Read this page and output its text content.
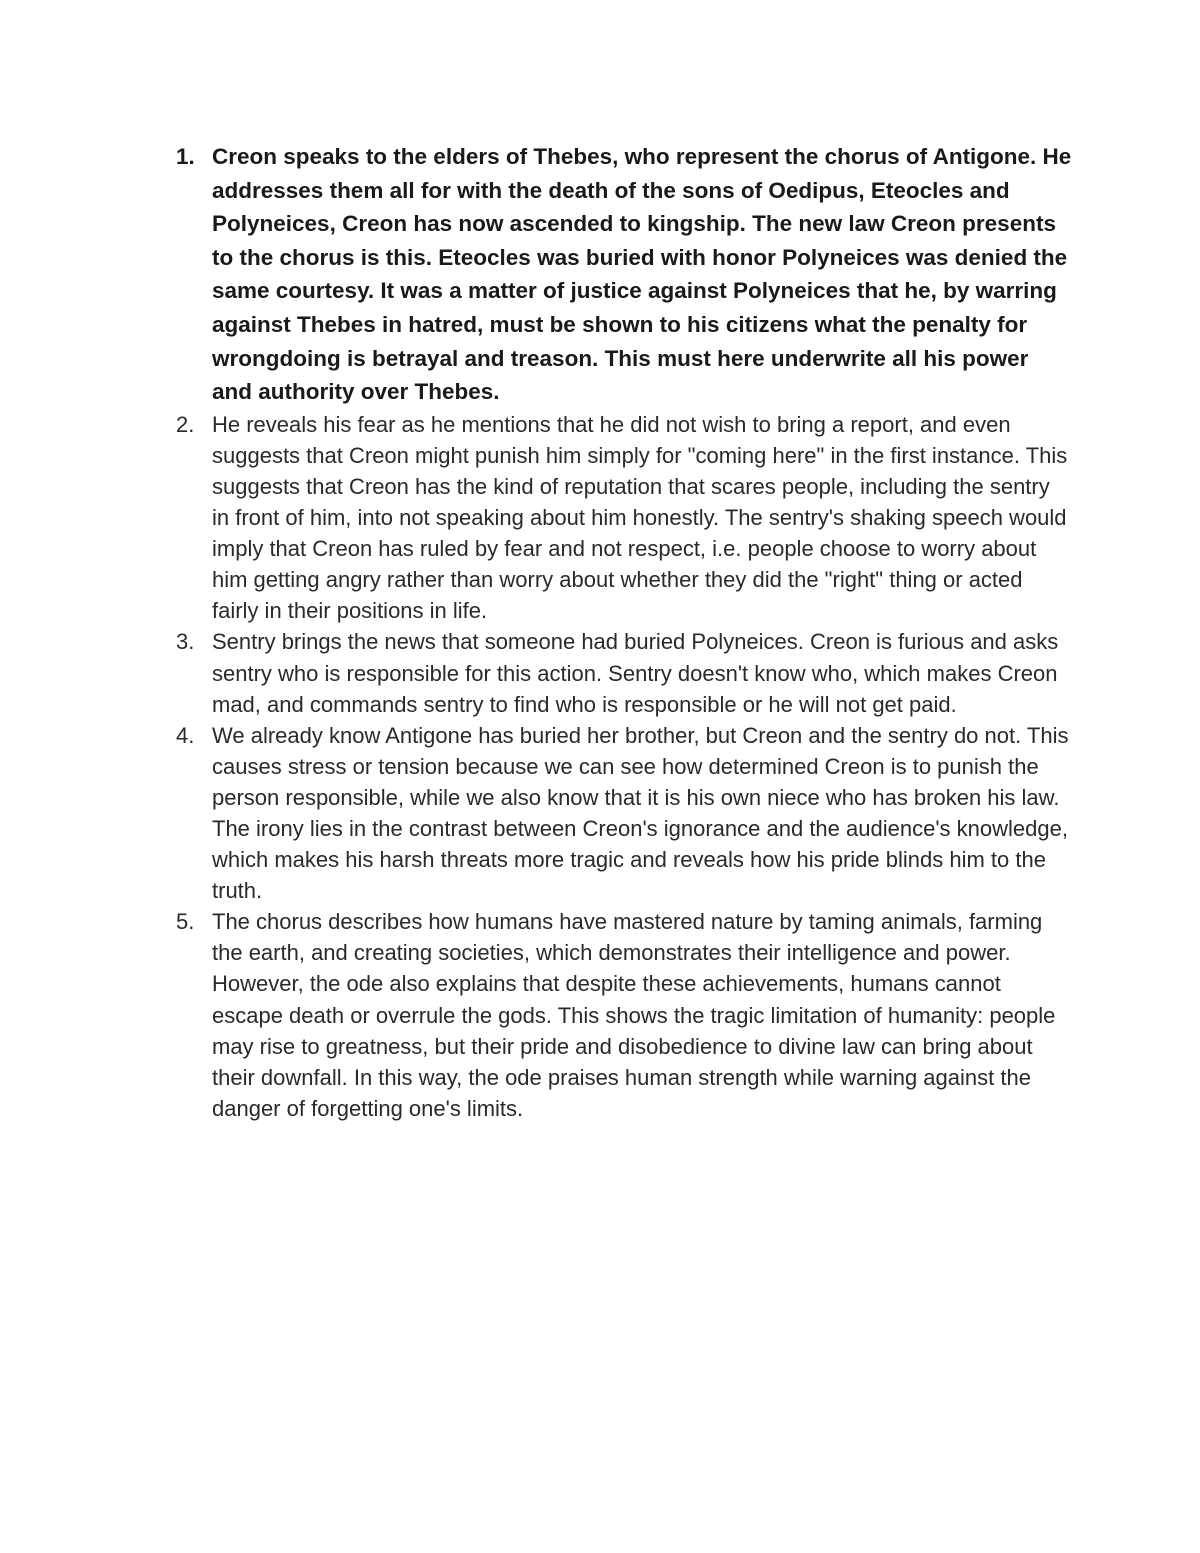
1. Creon speaks to the elders of Thebes, who represent the chorus of Antigone. He addresses them all for with the death of the sons of Oedipus, Eteocles and Polyneices, Creon has now ascended to kingship. The new law Creon presents to the chorus is this. Eteocles was buried with honor Polyneices was denied the same courtesy. It was a matter of justice against Polyneices that he, by warring against Thebes in hatred, must be shown to his citizens what the penalty for wrongdoing is betrayal and treason. This must here underwrite all his power and authority over Thebes.
2. He reveals his fear as he mentions that he did not wish to bring a report, and even suggests that Creon might punish him simply for "coming here" in the first instance. This suggests that Creon has the kind of reputation that scares people, including the sentry in front of him, into not speaking about him honestly. The sentry's shaking speech would imply that Creon has ruled by fear and not respect, i.e. people choose to worry about him getting angry rather than worry about whether they did the "right" thing or acted fairly in their positions in life.
3. Sentry brings the news that someone had buried Polyneices. Creon is furious and asks sentry who is responsible for this action. Sentry doesn't know who, which makes Creon mad, and commands sentry to find who is responsible or he will not get paid.
4. We already know Antigone has buried her brother, but Creon and the sentry do not. This causes stress or tension because we can see how determined Creon is to punish the person responsible, while we also know that it is his own niece who has broken his law. The irony lies in the contrast between Creon's ignorance and the audience's knowledge, which makes his harsh threats more tragic and reveals how his pride blinds him to the truth.
5. The chorus describes how humans have mastered nature by taming animals, farming the earth, and creating societies, which demonstrates their intelligence and power. However, the ode also explains that despite these achievements, humans cannot escape death or overrule the gods. This shows the tragic limitation of humanity: people may rise to greatness, but their pride and disobedience to divine law can bring about their downfall. In this way, the ode praises human strength while warning against the danger of forgetting one's limits.
